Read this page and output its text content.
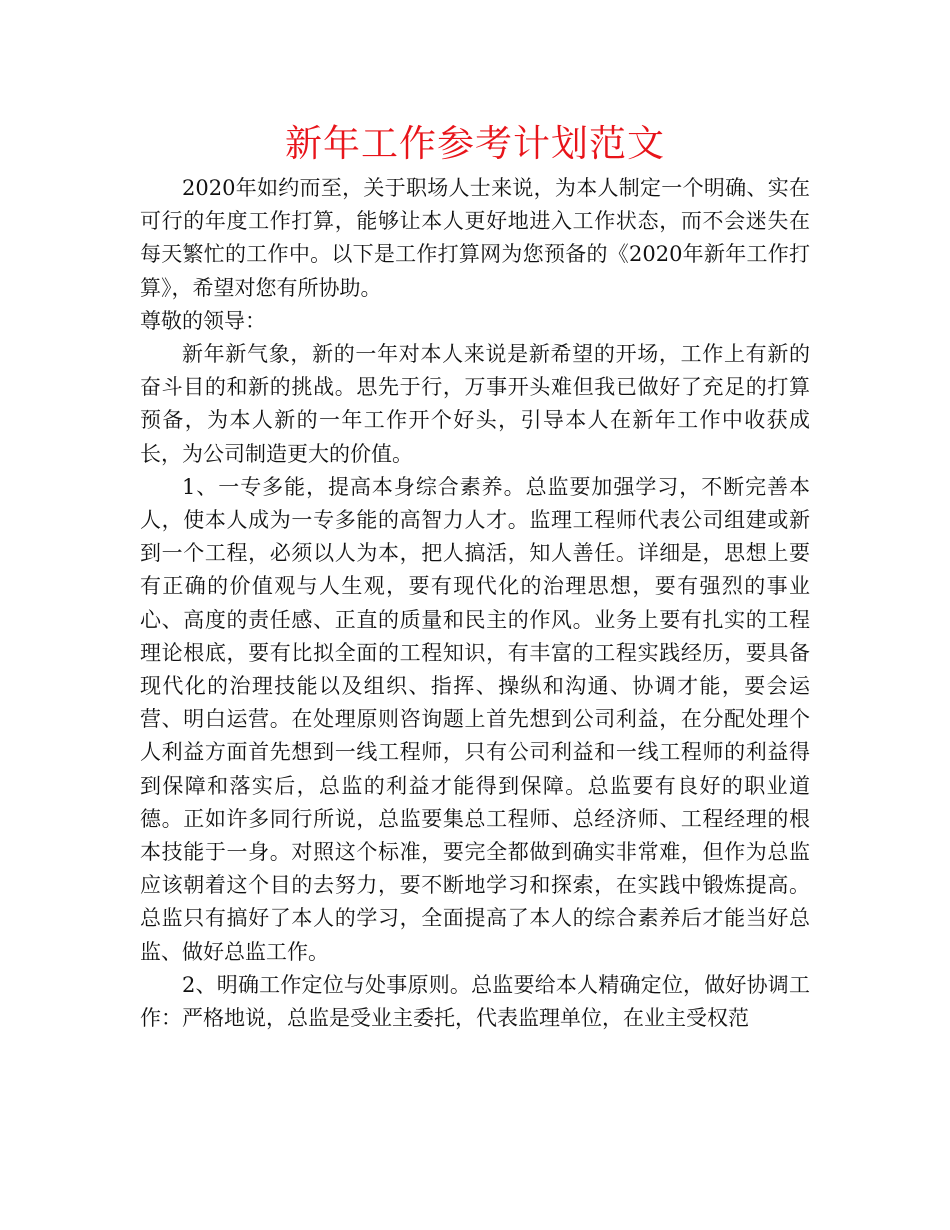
新年工作参考计划范文

2020年如约而至，关于职场人士来说，为本人制定一个明确、实在可行的年度工作打算，能够让本人更好地进入工作状态，而不会迷失在每天繁忙的工作中。以下是工作打算网为您预备的《2020年新年工作打算》，希望对您有所协助。

尊敬的领导：

新年新气象，新的一年对本人来说是新希望的开场，工作上有新的奋斗目的和新的挑战。思先于行，万事开头难但我已做好了充足的打算预备，为本人新的一年工作开个好头，引导本人在新年工作中收获成长，为公司制造更大的价值。

1、一专多能，提高本身综合素养。总监要加强学习，不断完善本人，使本人成为一专多能的高智力人才。监理工程师代表公司组建或新到一个工程，必须以人为本，把人搞活，知人善任。详细是，思想上要有正确的价值观与人生观，要有现代化的治理思想，要有强烈的事业心、高度的责任感、正直的质量和民主的作风。业务上要有扎实的工程理论根底，要有比拟全面的工程知识，有丰富的工程实践经历，要具备现代化的治理技能以及组织、指挥、操纵和沟通、协调才能，要会运营、明白运营。在处理原则咨询题上首先想到公司利益，在分配处理个人利益方面首先想到一线工程师，只有公司利益和一线工程师的利益得到保障和落实后，总监的利益才能得到保障。总监要有良好的职业道德。正如许多同行所说，总监要集总工程师、总经济师、工程经理的根本技能于一身。对照这个标准，要完全都做到确实非常难，但作为总监应该朝着这个目的去努力，要不断地学习和探索，在实践中锻炼提高。总监只有搞好了本人的学习，全面提高了本人的综合素养后才能当好总监、做好总监工作。

2、明确工作定位与处事原则。总监要给本人精确定位，做好协调工作：严格地说，总监是受业主委托，代表监理单位，在业主受权范
